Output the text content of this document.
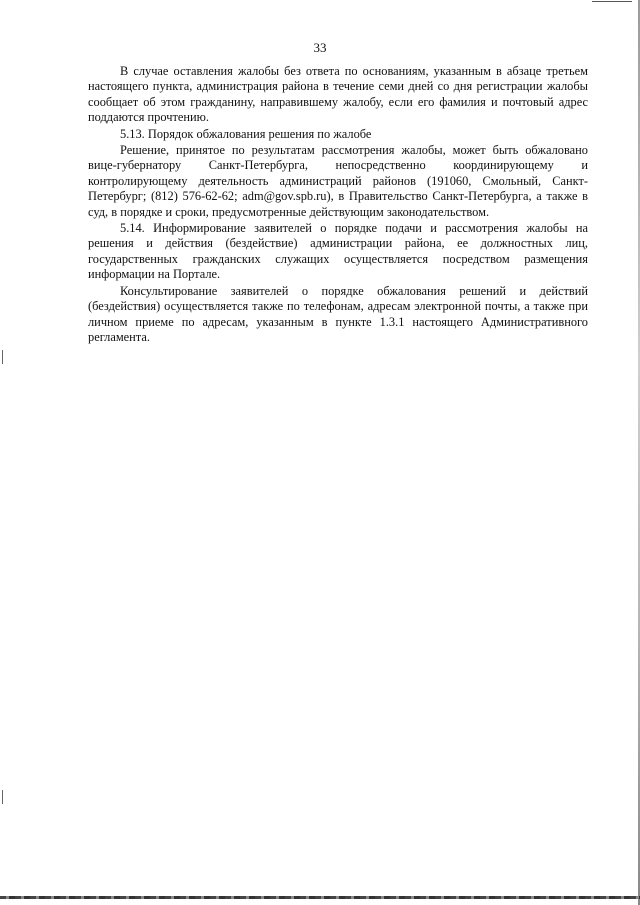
33

В случае оставления жалобы без ответа по основаниям, указанным в абзаце третьем настоящего пункта, администрация района в течение семи дней со дня регистрации жалобы сообщает об этом гражданину, направившему жалобу, если его фамилия и почтовый адрес поддаются прочтению.

5.13. Порядок обжалования решения по жалобе

Решение, принятое по результатам рассмотрения жалобы, может быть обжаловано вице-губернатору Санкт-Петербурга, непосредственно координирующему и контролирующему деятельность администраций районов (191060, Смольный, Санкт-Петербург; (812) 576-62-62; adm@gov.spb.ru), в Правительство Санкт-Петербурга, а также в суд, в порядке и сроки, предусмотренные действующим законодательством.

5.14. Информирование заявителей о порядке подачи и рассмотрения жалобы на решения и действия (бездействие) администрации района, ее должностных лиц, государственных гражданских служащих осуществляется посредством размещения информации на Портале.

Консультирование заявителей о порядке обжалования решений и действий (бездействия) осуществляется также по телефонам, адресам электронной почты, а также при личном приеме по адресам, указанным в пункте 1.3.1 настоящего Административного регламента.
